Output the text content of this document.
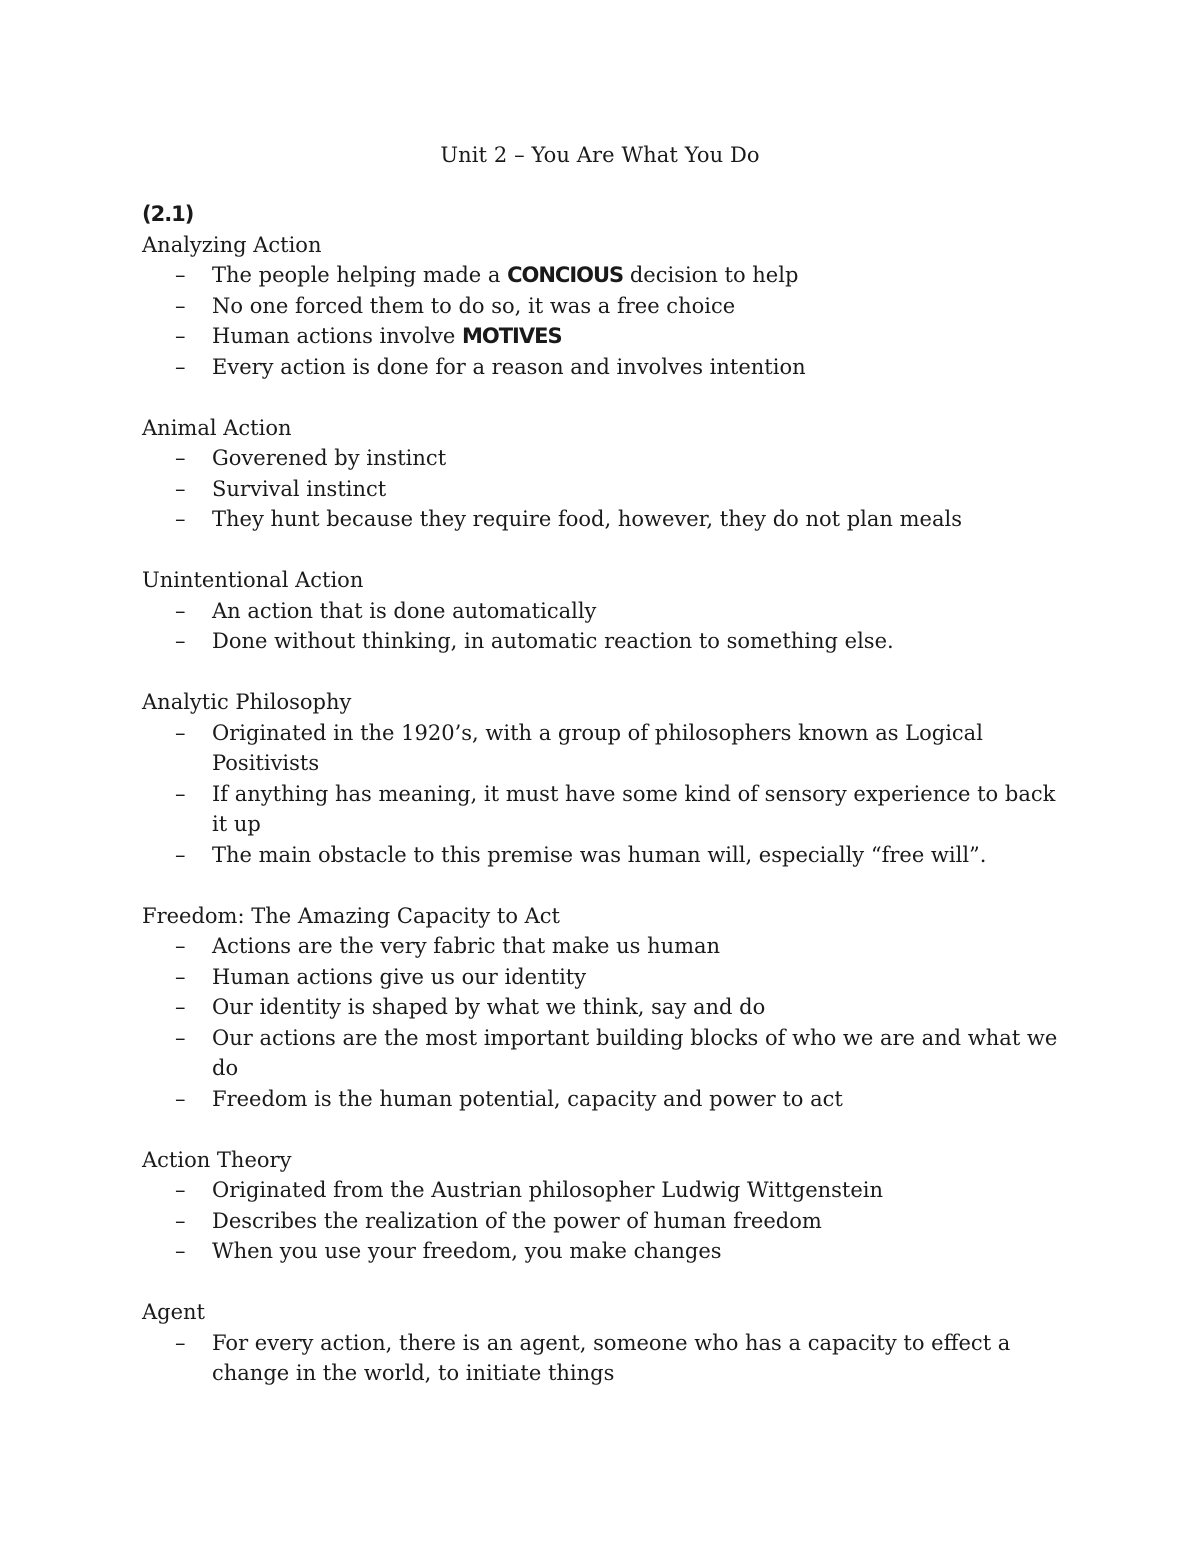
Unit 2 – You Are What You Do
(2.1)
Analyzing Action
– The people helping made a CONCIOUS decision to help
– No one forced them to do so, it was a free choice
– Human actions involve MOTIVES
– Every action is done for a reason and involves intention
Animal Action
– Goverened by instinct
– Survival instinct
– They hunt because they require food, however, they do not plan meals
Unintentional Action
– An action that is done automatically
– Done without thinking, in automatic reaction to something else.
Analytic Philosophy
– Originated in the 1920’s, with a group of philosophers known as Logical Positivists
– If anything has meaning, it must have some kind of sensory experience to back it up
– The main obstacle to this premise was human will, especially “free will”.
Freedom: The Amazing Capacity to Act
– Actions are the very fabric that make us human
– Human actions give us our identity
– Our identity is shaped by what we think, say and do
– Our actions are the most important building blocks of who we are and what we do
– Freedom is the human potential, capacity and power to act
Action Theory
– Originated from the Austrian philosopher Ludwig Wittgenstein
– Describes the realization of the power of human freedom
– When you use your freedom, you make changes
Agent
– For every action, there is an agent, someone who has a capacity to effect a change in the world, to initiate things
